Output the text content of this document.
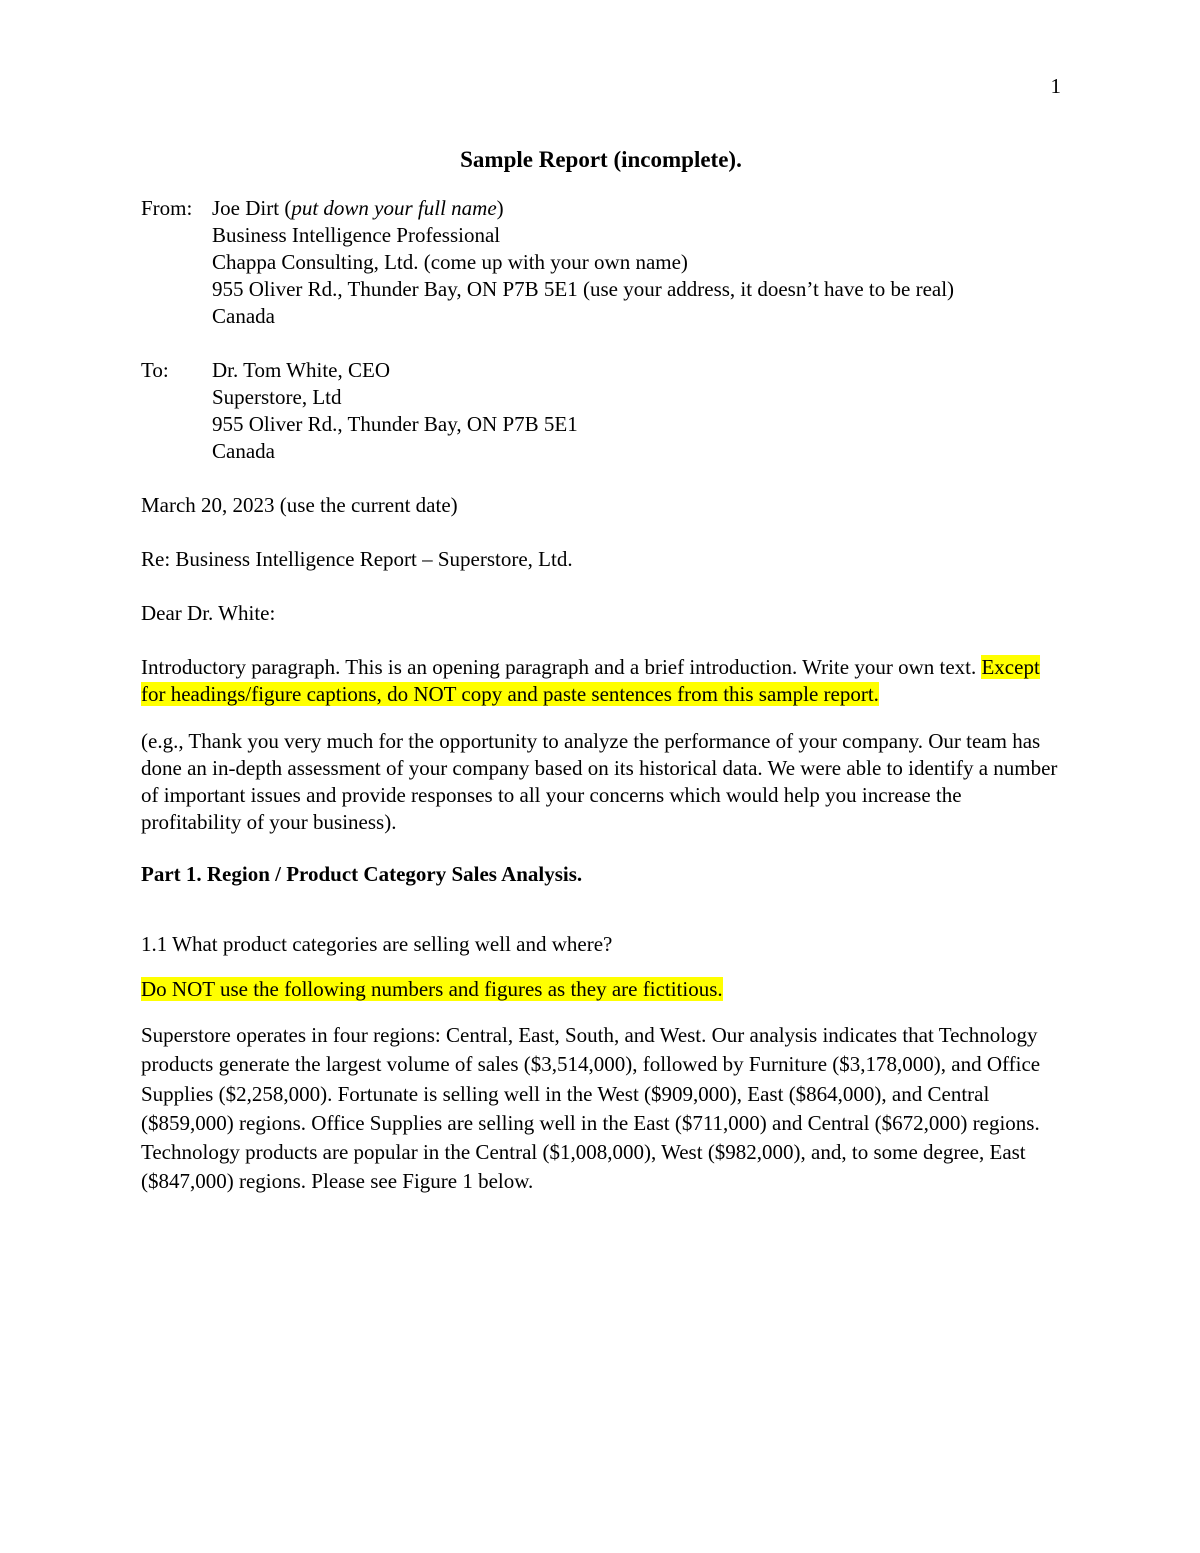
1
Sample Report (incomplete).
From: Joe Dirt (put down your full name)
Business Intelligence Professional
Chappa Consulting, Ltd. (come up with your own name)
955 Oliver Rd., Thunder Bay, ON P7B 5E1 (use your address, it doesn’t have to be real)
Canada
To:	Dr. Tom White, CEO
Superstore, Ltd
955 Oliver Rd., Thunder Bay, ON P7B 5E1
Canada

March 20, 2023 (use the current date)

Re: Business Intelligence Report – Superstore, Ltd.

Dear Dr. White:

Introductory paragraph. This is an opening paragraph and a brief introduction. Write your own text. Except for headings/figure captions, do NOT copy and paste sentences from this sample report.

(e.g., Thank you very much for the opportunity to analyze the performance of your company. Our team has done an in-depth assessment of your company based on its historical data. We were able to identify a number of important issues and provide responses to all your concerns which would help you increase the profitability of your business).

Part 1. Region / Product Category Sales Analysis.
1.1 What product categories are selling well and where?
Do NOT use the following numbers and figures as they are fictitious.

Superstore operates in four regions: Central, East, South, and West. Our analysis indicates that Technology products generate the largest volume of sales ($3,514,000), followed by Furniture ($3,178,000), and Office Supplies ($2,258,000). Fortunate is selling well in the West ($909,000), East ($864,000), and Central ($859,000) regions. Office Supplies are selling well in the East ($711,000) and Central ($672,000) regions. Technology products are popular in the Central ($1,008,000), West ($982,000), and, to some degree, East ($847,000) regions. Please see Figure 1 below.
